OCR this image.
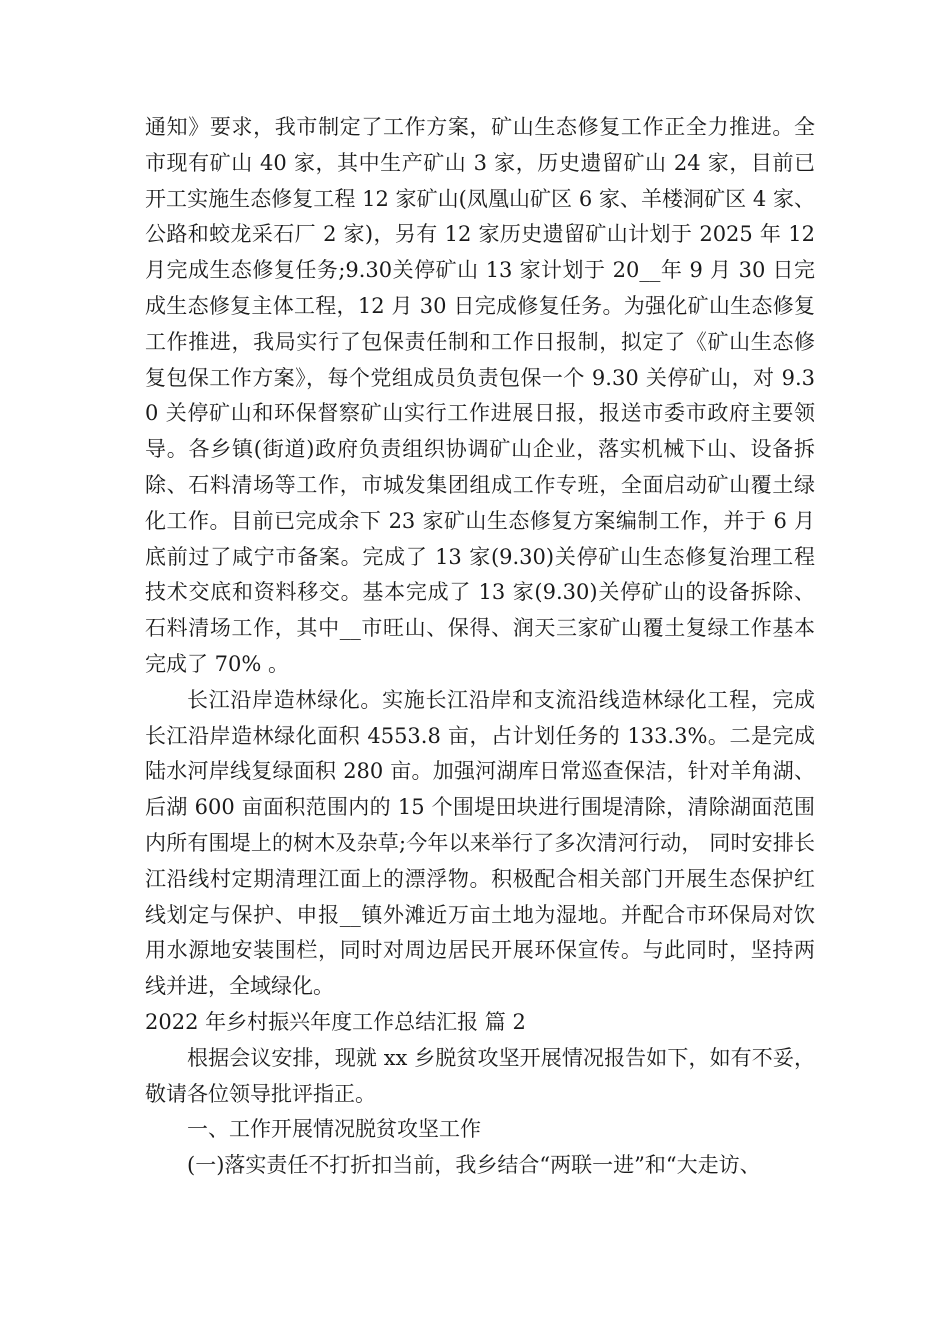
通知》要求，我市制定了工作方案，矿山生态修复工作正全力推进。全市现有矿山 40 家，其中生产矿山 3 家，历史遗留矿山 24 家，目前已开工实施生态修复工程 12 家矿山(凤凰山矿区 6 家、羊楼洞矿区 4 家、公路和蛟龙采石厂 2 家)，另有 12 家历史遗留矿山计划于 2025 年 12 月完成生态修复任务;9.30关停矿山 13 家计划于 20__年 9 月 30 日完成生态修复主体工程，12 月 30 日完成修复任务。为强化矿山生态修复工作推进，我局实行了包保责任制和工作日报制，拟定了《矿山生态修复包保工作方案》，每个党组成员负责包保一个 9.30 关停矿山，对 9.30 关停矿山和环保督察矿山实行工作进展日报，报送市委市政府主要领导。各乡镇(街道)政府负责组织协调矿山企业，落实机械下山、设备拆除、石料清场等工作，市城发集团组成工作专班，全面启动矿山覆土绿化工作。目前已完成余下 23 家矿山生态修复方案编制工作，并于 6 月底前过了咸宁市备案。完成了 13 家(9.30)关停矿山生态修复治理工程技术交底和资料移交。基本完成了 13 家(9.30)关停矿山的设备拆除、石料清场工作，其中__市旺山、保得、润天三家矿山覆土复绿工作基本完成了 70% 。

长江沿岸造林绿化。实施长江沿岸和支流沿线造林绿化工程，完成长江沿岸造林绿化面积 4553.8 亩，占计划任务的 133.3%。二是完成陆水河岸线复绿面积 280 亩。加强河湖库日常巡查保洁，针对羊角湖、后湖 600 亩面积范围内的 15 个围堤田块进行围堤清除，清除湖面范围内所有围堤上的树木及杂草;今年以来举行了多次清河行动， 同时安排长江沿线村定期清理江面上的漂浮物。积极配合相关部门开展生态保护红线划定与保护、申报__镇外滩近万亩土地为湿地。并配合市环保局对饮用水源地安装围栏，同时对周边居民开展环保宣传。与此同时，坚持两线并进，全域绿化。

2022 年乡村振兴年度工作总结汇报 篇 2

根据会议安排，现就 xx 乡脱贫攻坚开展情况报告如下，如有不妥，敬请各位领导批评指正。

一、工作开展情况脱贫攻坚工作

(一)落实责任不打折扣当前，我乡结合“两联一进”和“大走访、
